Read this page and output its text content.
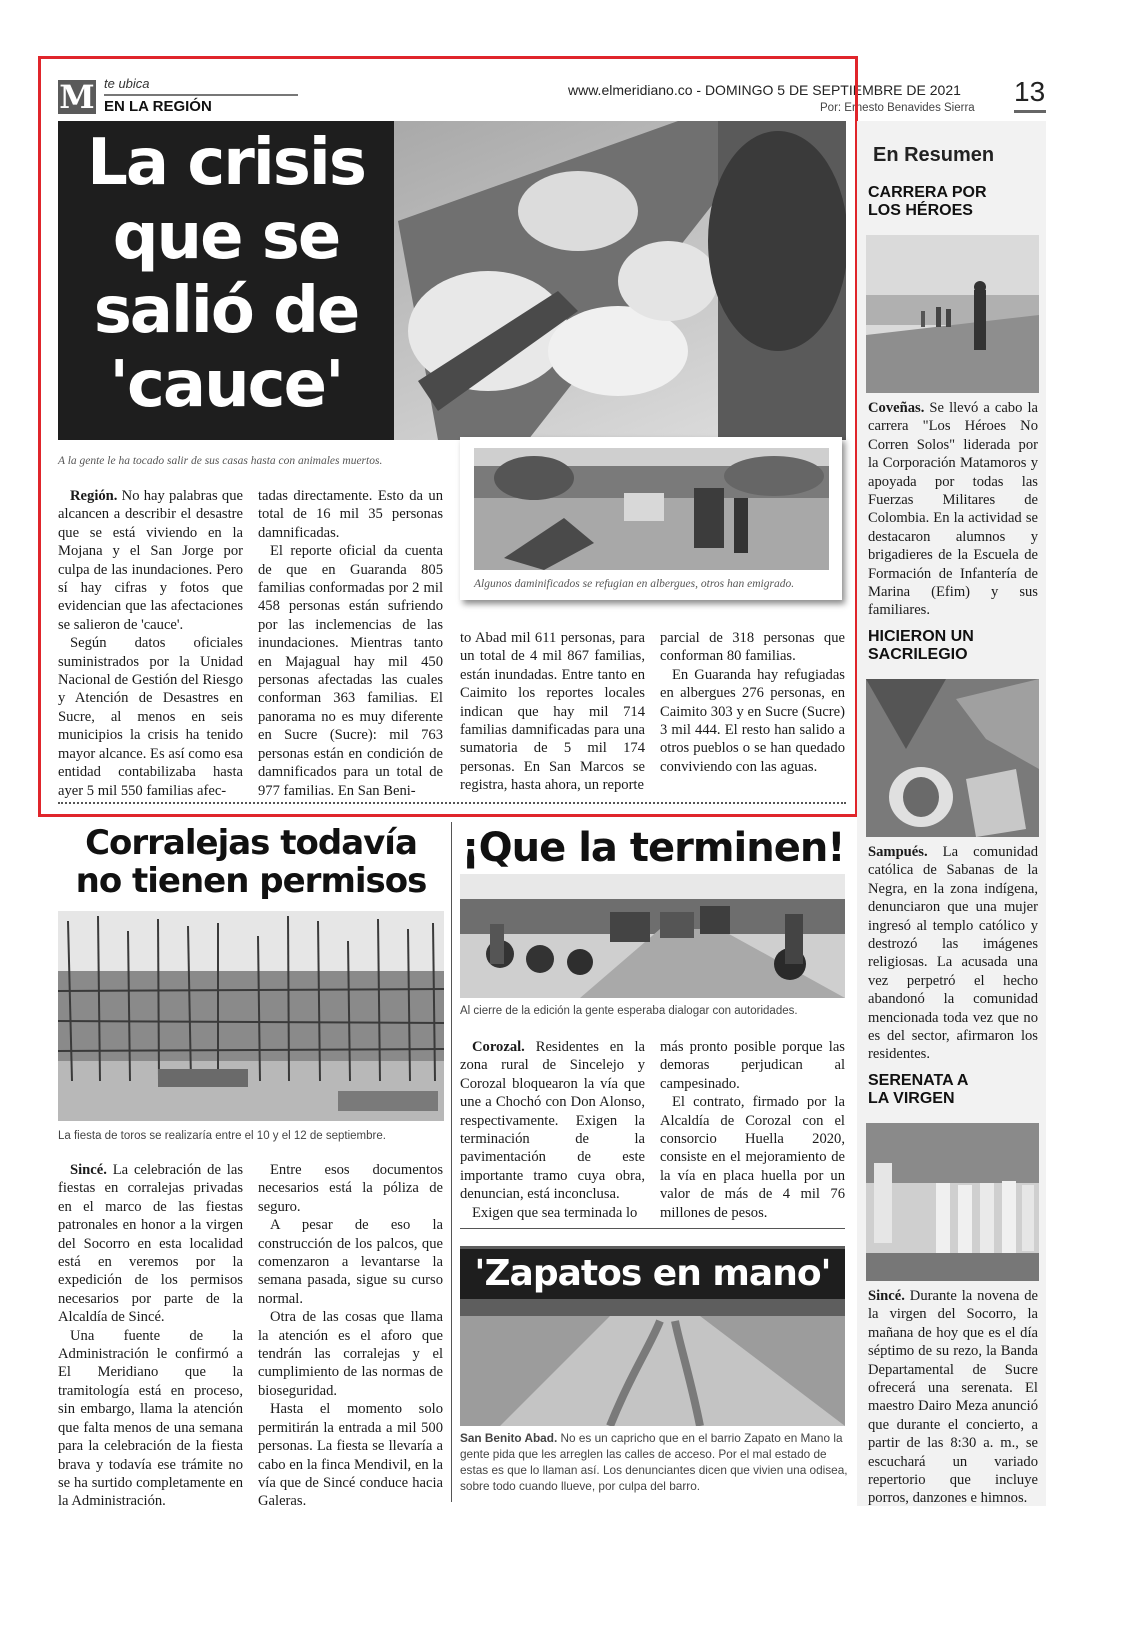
M te ubica
EN LA REGIÓN
www.elmeridiano.co - DOMINGO 5 DE SEPTIEMBRE DE 2021
Por: Ernesto Benavides Sierra
13
La crisis
que se
salió de
'cauce'
A la gente le ha tocado salir de sus casas hasta con animales muertos.
Algunos daminificados se refugian en albergues, otros han emigrado.

Región. No hay palabras que alcancen a describir el desastre que se está viviendo en la Mojana y el San Jorge por culpa de las inundaciones. Pero sí hay cifras y fotos que evidencian que las afectaciones se salieron de 'cauce'.

Según datos oficiales suministrados por la Unidad Nacional de Gestión del Riesgo y Atención de Desastres en Sucre, al menos en seis municipios la crisis ha tenido mayor alcance. Es así como esa entidad contabilizaba hasta ayer 5 mil 550 familias afec-

tadas directamente. Esto da un total de 16 mil 35 personas damnificadas.

El reporte oficial da cuenta de que en Guaranda 805 familias conformadas por 2 mil 458 personas están sufriendo por las inclemencias de las inundaciones. Mientras tanto en Majagual hay mil 450 personas afectadas las cuales conforman 363 familias. El panorama no es muy diferente en Sucre (Sucre): mil 763 personas están en condición de damnificados para un total de 977 familias. En San Beni-

to Abad mil 611 personas, para un total de 4 mil 867 familias, están inundadas. Entre tanto en Caimito los reportes locales indican que hay mil 714 familias damnificadas para una sumatoria de 5 mil 174 personas. En San Marcos se registra, hasta ahora, un reporte

parcial de 318 personas que conforman 80 familias.

En Guaranda hay refugiadas en albergues 276 personas, en Caimito 303 y en Sucre (Sucre) 3 mil 444. El resto han salido a otros pueblos o se han quedado conviviendo con las aguas.

Corralejas todavía
no tienen permisos
La fiesta de toros se realizaría entre el 10 y el 12 de septiembre.

Sincé. La celebración de las fiestas en corralejas privadas en el marco de las fiestas patronales en honor a la virgen del Socorro en esta localidad está en veremos por la expedición de los permisos necesarios por parte de la Alcaldía de Sincé.

Una fuente de la Administración le confirmó a El Meridiano que la tramitología está en proceso, sin embargo, llama la atención que falta menos de una semana para la celebración de la fiesta brava y todavía ese trámite no se ha surtido completamente en la Administración.

Entre esos documentos necesarios está la póliza de seguro.

A pesar de eso la construcción de los palcos, que comenzaron a levantarse la semana pasada, sigue su curso normal.

Otra de las cosas que llama la atención es el aforo que tendrán las corralejas y el cumplimiento de las normas de bioseguridad.

Hasta el momento solo permitirán la entrada a mil 500 personas. La fiesta se llevaría a cabo en la finca Mendivil, en la vía que de Sincé conduce hacia Galeras.

¡Que la terminen!
Al cierre de la edición la gente esperaba dialogar con autoridades.

Corozal. Residentes en la zona rural de Sincelejo y Corozal bloquearon la vía que une a Chochó con Don Alonso, respectivamente. Exigen la terminación de la pavimentación de este importante tramo cuya obra, denuncian, está inconclusa.

Exigen que sea terminada lo

más pronto posible porque las demoras perjudican al campesinado.

El contrato, firmado por la Alcaldía de Corozal con el consorcio Huella 2020, consiste en el mejoramiento de la vía en placa huella por un valor de más de 4 mil 76 millones de pesos.

'Zapatos en mano'
San Benito Abad. No es un capricho que en el barrio Zapato en Mano la gente pida que les arreglen las calles de acceso. Por el mal estado de estas es que lo llaman así. Los denunciantes dicen que vivien una odisea, sobre todo cuando llueve, por culpa del barro.
En Resumen
CARRERA POR
LOS HÉROES

Coveñas. Se llevó a cabo la carrera "Los Héroes No Corren Solos" liderada por la Corporación Matamoros y apoyada por todas las Fuerzas Militares de Colombia. En la actividad se destacaron alumnos y brigadieres de la Escuela de Formación de Infantería de Marina (Efim) y sus familiares.

HICIERON UN
SACRILEGIO

Sampués. La comunidad católica de Sabanas de la Negra, en la zona indígena, denunciaron que una mujer ingresó al templo católico y destrozó las imágenes religiosas. La acusada una vez perpetró el hecho abandonó la comunidad mencionada toda vez que no es del sector, afirmaron los residentes.

SERENATA A
LA VIRGEN

Sincé. Durante la novena de la virgen del Socorro, la mañana de hoy que es el día séptimo de su rezo, la Banda Departamental de Sucre ofrecerá una serenata. El maestro Dairo Meza anunció que durante el concierto, a partir de las 8:30 a. m., se escuchará un variado repertorio que incluye porros, danzones e himnos.
